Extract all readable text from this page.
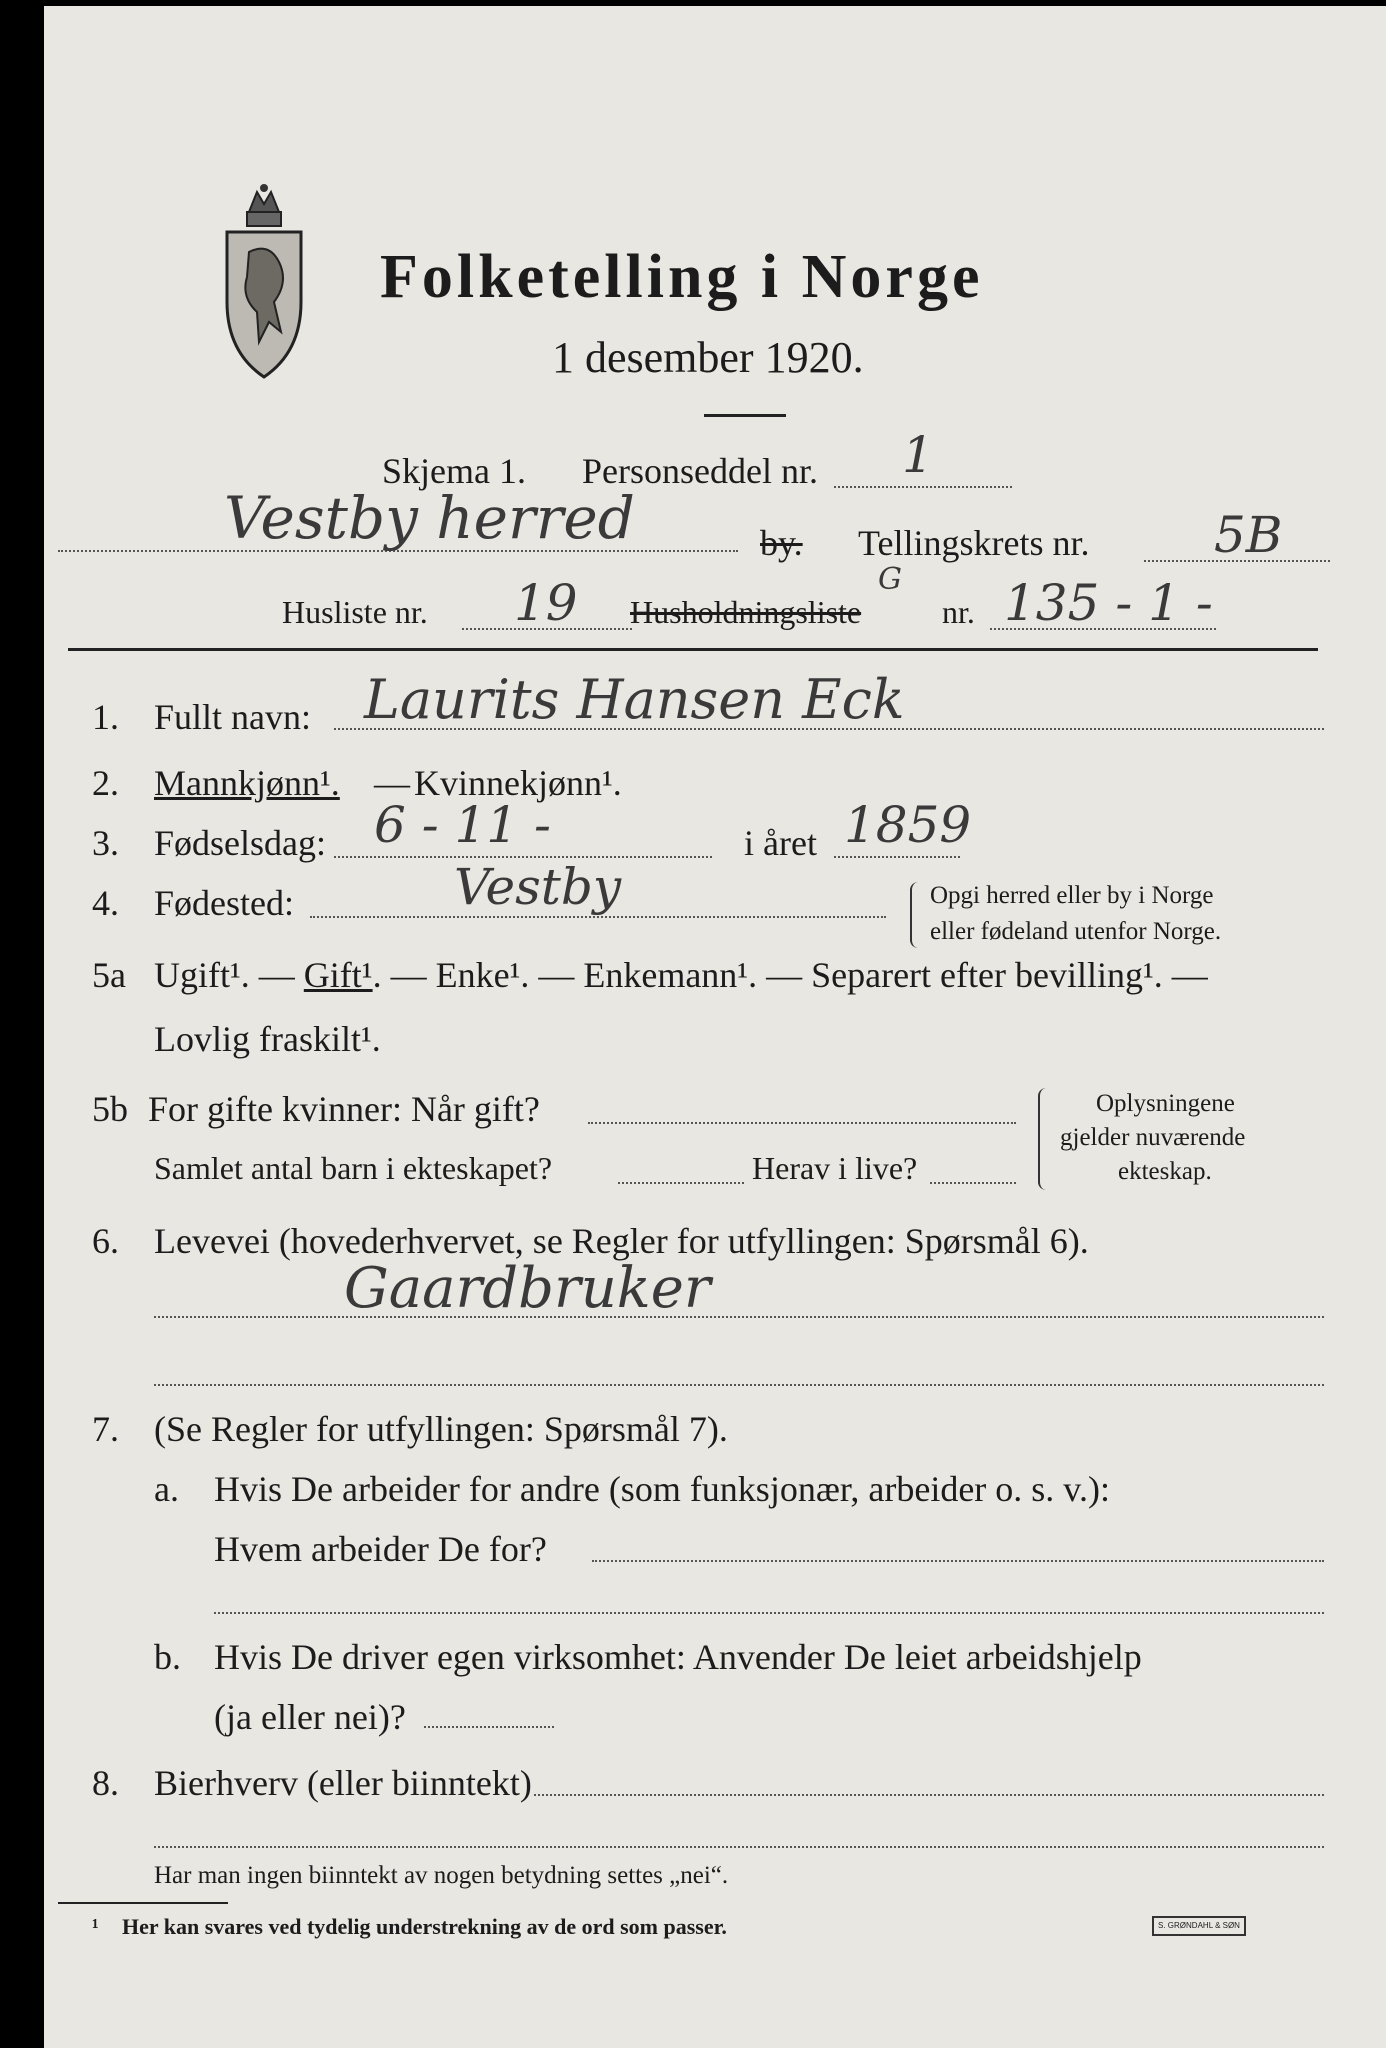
Folketelling i Norge
1 desember 1920.
Skjema 1. Personseddel nr. 1
Vestby herred	by. Tellingskrets nr. 5B
Husliste nr. 19 Husholdningsliste
G
nr. 135 - 1 -
1. Fullt navn: Laurits Hansen Eck
2. Mannkjønn¹. — Kvinnekjønn¹.
3. Fødselsdag: 6 - 11 -	i året 1859
4. Fødested:	Vestby	Opgi herred eller by i Norge
eller fødeland utenfor Norge.
5a Ugift¹. — Gift¹. — Enke¹. — Enkemann¹. — Separert efter bevilling¹. —
Lovlig fraskilt¹.
5b For gifte kvinner: Når gift?
Samlet antal barn i ekteskapet?	Herav i live?
Oplysningene
gjelder nuværende
ekteskap.
6. Levevei (hovederhvervet, se Regler for utfyllingen: Spørsmål 6).
Gaardbruker
7. (Se Regler for utfyllingen: Spørsmål 7).
a. Hvis De arbeider for andre (som funksjonær, arbeider o. s. v.):
Hvem arbeider De for?
b. Hvis De driver egen virksomhet: Anvender De leiet arbeidshjelp
(ja eller nei)?
8. Bierhverv (eller biinntekt)
Har man ingen biinntekt av nogen betydning settes „nei“.
¹ Her kan svares ved tydelig understrekning av de ord som passer.	S. GRØNDAHL & SØN
